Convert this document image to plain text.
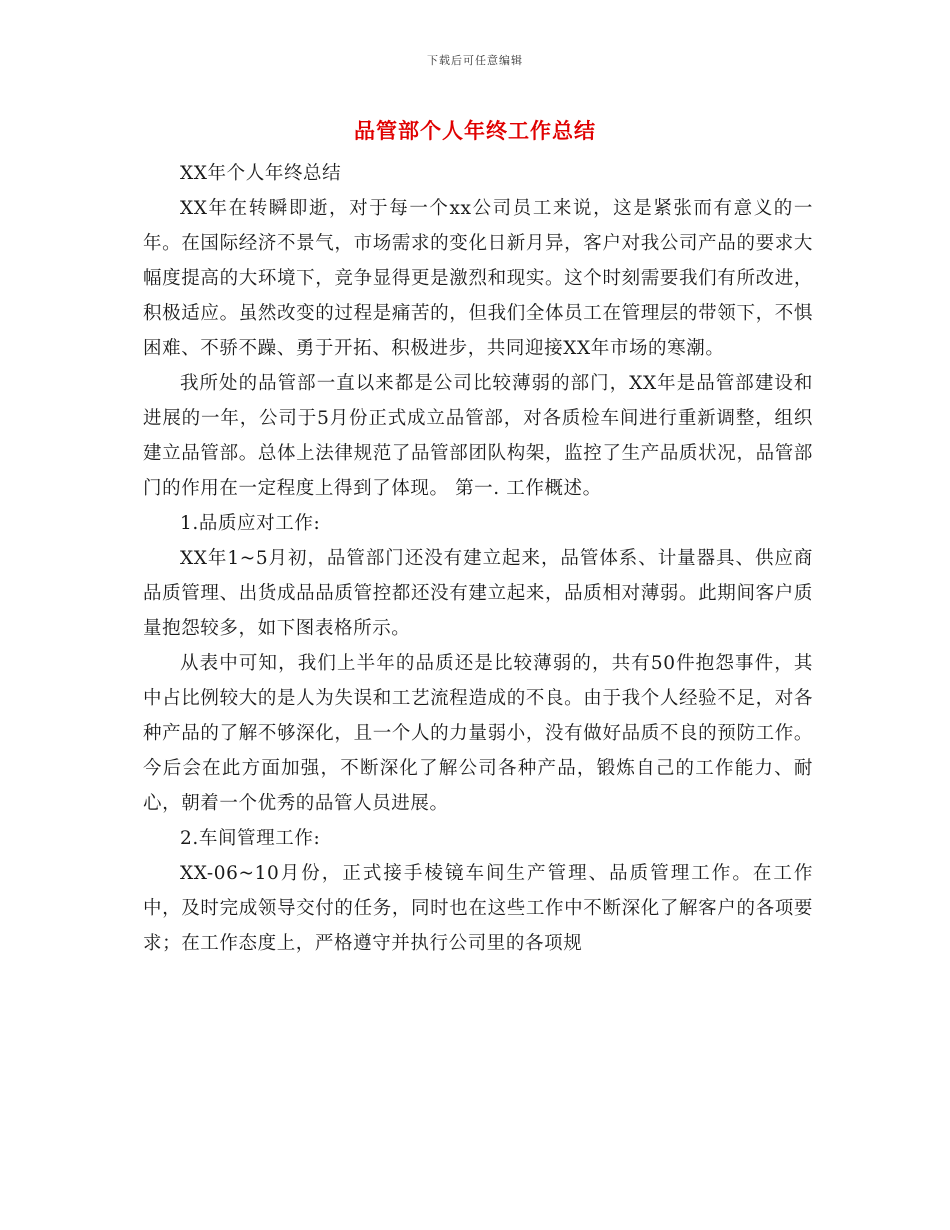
下载后可任意编辑
品管部个人年终工作总结

XX年个人年终总结

XX年在转瞬即逝，对于每一个xx公司员工来说，这是紧张而有意义的一年。在国际经济不景气，市场需求的变化日新月异，客户对我公司产品的要求大幅度提高的大环境下，竞争显得更是激烈和现实。这个时刻需要我们有所改进，积极适应。虽然改变的过程是痛苦的，但我们全体员工在管理层的带领下，不惧困难、不骄不躁、勇于开拓、积极进步，共同迎接XX年市场的寒潮。

我所处的品管部一直以来都是公司比较薄弱的部门，XX年是品管部建设和进展的一年，公司于5月份正式成立品管部，对各质检车间进行重新调整，组织建立品管部。总体上法律规范了品管部团队构架，监控了生产品质状况，品管部门的作用在一定程度上得到了体现。 第一. 工作概述。

1.品质应对工作:

XX年1~5月初，品管部门还没有建立起来，品管体系、计量器具、供应商品质管理、出货成品品质管控都还没有建立起来，品质相对薄弱。此期间客户质量抱怨较多，如下图表格所示。

从表中可知，我们上半年的品质还是比较薄弱的，共有50件抱怨事件，其中占比例较大的是人为失误和工艺流程造成的不良。由于我个人经验不足，对各种产品的了解不够深化，且一个人的力量弱小，没有做好品质不良的预防工作。今后会在此方面加强，不断深化了解公司各种产品，锻炼自己的工作能力、耐心，朝着一个优秀的品管人员进展。

2.车间管理工作:

XX-06~10月份，正式接手棱镜车间生产管理、品质管理工作。在工作中，及时完成领导交付的任务，同时也在这些工作中不断深化了解客户的各项要求；在工作态度上，严格遵守并执行公司里的各项规
